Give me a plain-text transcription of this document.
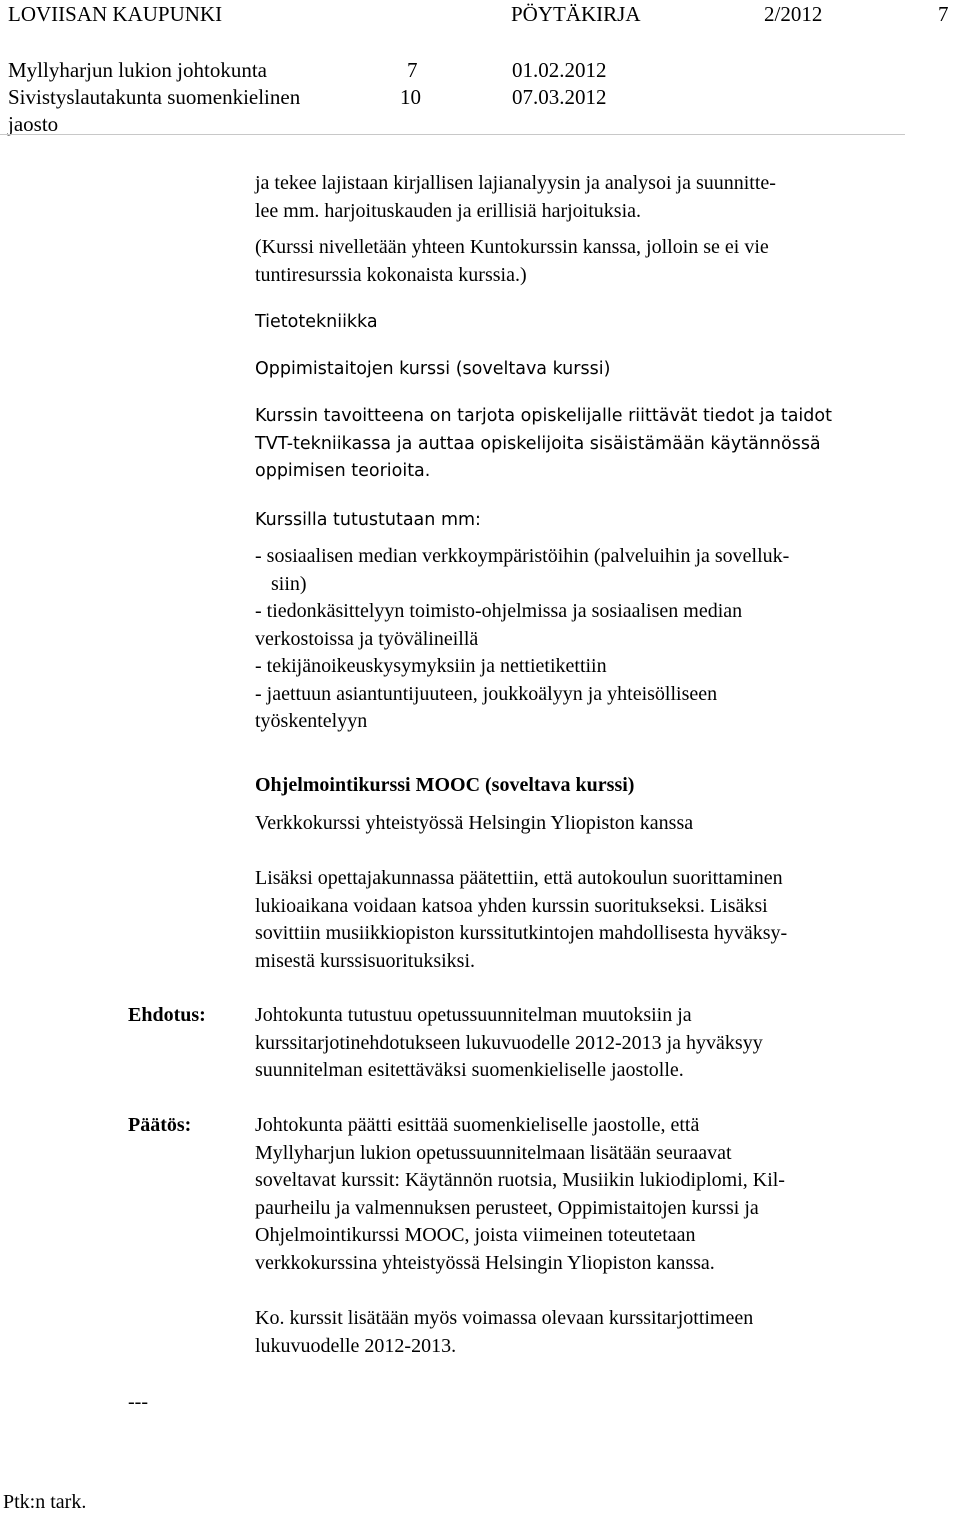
LOVIISAN KAUPUNKI	PÖYTÄKIRJA	2/2012	7
Myllyharjun lukion johtokunta	7	01.02.2012
Sivistyslautakunta suomenkielinen	10	07.03.2012
jaosto
ja tekee lajistaan kirjallisen lajianalyysin ja analysoi ja suunnitte-
lee mm. harjoituskauden ja erillisiä harjoituksia.
(Kurssi nivelletään yhteen Kuntokurssin kanssa, jolloin se ei vie
tuntiresurssia kokonaista kurssia.)
Tietotekniikka
Oppimistaitojen kurssi (soveltava kurssi)
Kurssin tavoitteena on tarjota opiskelijalle riittävät tiedot ja taidot
TVT-tekniikassa ja auttaa opiskelijoita sisäistämään käytännössä
oppimisen teorioita.
Kurssilla tutustutaan mm:
- sosiaalisen median verkkoympäristöihin (palveluihin ja sovelluk-
siin)
- tiedonkäsittelyyn toimisto-ohjelmissa ja sosiaalisen median
verkostoissa ja työvälineillä
- tekijänoikeuskysymyksiin ja nettietikettiin
- jaettuun asiantuntijuuteen, joukkoälyyn ja yhteisölliseen
työskentelyyn
Ohjelmointikurssi MOOC (soveltava kurssi)
Verkkokurssi yhteistyössä Helsingin Yliopiston kanssa
Lisäksi opettajakunnassa päätettiin, että autokoulun suorittaminen
lukioaikana voidaan katsoa yhden kurssin suoritukseksi. Lisäksi
sovittiin musiikkiopiston kurssitutkintojen mahdollisesta hyväksy-
misestä kurssisuorituksiksi.
Ehdotus: Johtokunta tutustuu opetussuunnitelman muutoksiin ja
kurssitarjotinehdotukseen lukuvuodelle 2012-2013 ja hyväksyy
suunnitelman esitettäväksi suomenkieliselle jaostolle.
Päätös:	Johtokunta päätti esittää suomenkieliselle jaostolle, että
Myllyharjun lukion opetussuunnitelmaan lisätään seuraavat
soveltavat kurssit: Käytännön ruotsia, Musiikin lukiodiplomi, Kil-
paurheilu ja valmennuksen perusteet, Oppimistaitojen kurssi ja
Ohjelmointikurssi MOOC, joista viimeinen toteutetaan
verkkokurssina yhteistyössä Helsingin Yliopiston kanssa.
Ko. kurssit lisätään myös voimassa olevaan kurssitarjottimeen
lukuvuodelle 2012-2013.
---
Ptk:n tark.
